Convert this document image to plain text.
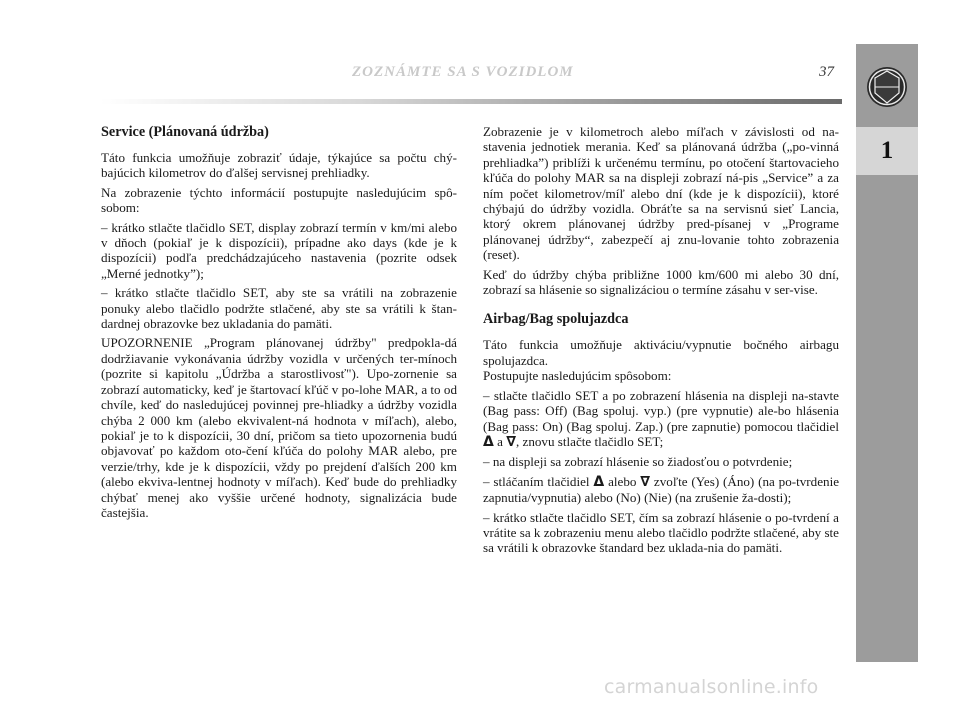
ZOZNÁMTE SA S VOZIDLOM	37
1
Service (Plánovaná údržba)

Táto funkcia umožňuje zobraziť údaje, týkajúce sa počtu chý-bajúcich kilometrov do ďalšej servisnej prehliadky.

Na zobrazenie týchto informácií postupujte nasledujúcim spô-sobom:

– krátko stlačte tlačidlo SET, display zobrazí termín v km/mi alebo v dňoch (pokiaľ je k dispozícii), prípadne ako days (kde je k dispozícii) podľa predchádzajúceho nastavenia (pozrite odsek „Merné jednotky”);

– krátko stlačte tlačidlo SET, aby ste sa vrátili na zobrazenie ponuky alebo tlačidlo podržte stlačené, aby ste sa vrátili k štan-dardnej obrazovke bez ukladania do pamäti.

UPOZORNENIE „Program plánovanej údržby" predpokla-dá dodržiavanie vykonávania údržby vozidla v určených ter-mínoch (pozrite si kapitolu „Údržba a starostlivosť"). Upo-zornenie sa zobrazí automaticky, keď je štartovací kľúč v po-lohe MAR, a to od chvíle, keď do nasledujúcej povinnej pre-hliadky a údržby vozidla chýba 2 000 km (alebo ekvivalent-ná hodnota v míľach), alebo, pokiaľ je to k dispozícii, 30 dní, pričom sa tieto upozornenia budú objavovať po každom oto-čení kľúča do polohy MAR alebo, pre verzie/trhy, kde je k dispozícii, vždy po prejdení ďalších 200 km (alebo ekviva-lentnej hodnoty v míľach). Keď bude do prehliadky chýbať menej ako vyššie určené hodnoty, signalizácia bude častejšia.

Zobrazenie je v kilometroch alebo míľach v závislosti od na-stavenia jednotiek merania. Keď sa plánovaná údržba („po-vinná prehliadka”) priblíži k určenému termínu, po otočení štartovacieho kľúča do polohy MAR sa na displeji zobrazí ná-pis „Service” a za ním počet kilometrov/míľ alebo dní (kde je k dispozícii), ktoré chýbajú do údržby vozidla. Obráťte sa na servisnú sieť Lancia, ktorý okrem plánovanej údržby pred-písanej v „Programe plánovanej údržby“, zabezpečí aj znu-lovanie tohto zobrazenia (reset).

Keď do údržby chýba približne 1000 km/600 mi alebo 30 dní, zobrazí sa hlásenie so signalizáciou o termíne zásahu v ser-vise.

Airbag/Bag spolujazdca

Táto funkcia umožňuje aktiváciu/vypnutie bočného airbagu spolujazdca.

Postupujte nasledujúcim spôsobom:

– stlačte tlačidlo SET a po zobrazení hlásenia na displeji na-stavte (Bag pass: Off) (Bag spoluj. vyp.) (pre vypnutie) ale-bo hlásenia (Bag pass: On) (Bag spoluj. Zap.) (pre zapnutie) pomocou tlačidiel Δ a ∇, znovu stlačte tlačidlo SET;

– na displeji sa zobrazí hlásenie so žiadosťou o potvrdenie;

– stláčaním tlačidiel Δ alebo ∇ zvoľte (Yes) (Áno) (na po-tvrdenie zapnutia/vypnutia) alebo (No) (Nie) (na zrušenie ža-dosti);

– krátko stlačte tlačidlo SET, čím sa zobrazí hlásenie o po-tvrdení a vrátite sa k zobrazeniu menu alebo tlačidlo podržte stlačené, aby ste sa vrátili k obrazovke štandard bez uklada-nia do pamäti.

carmanualsonline.info
